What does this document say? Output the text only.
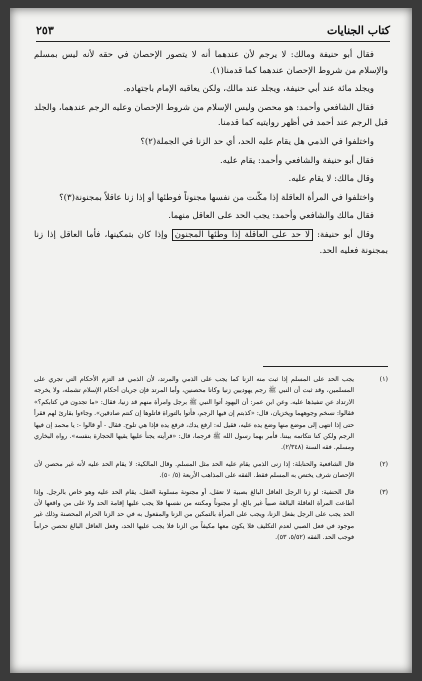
كتاب الجنايات
٢٥٣

فقال أبو حنيفة ومالك: لا يرجم لأن عندهما أنه لا يتصور الإحصان في حقه لأنه ليس بمسلم والإسلام من شروط الإحصان عندهما كما قدمنا(١).

ويجلد مائة عند أبي حنيفة، ويجلد عند مالك، ولكن يعاقبه الإمام باجتهاده.

فقال الشافعي وأحمد: هو محصن وليس الإسلام من شروط الإحصان وعليه الرجم عندهما، والجلد قبل الرجم عند أحمد في أظهر روايتيه كما قدمنا.

واختلفوا في الذمي هل يقام عليه الحد، أي حد الزنا في الجملة(٢)؟

فقال أبو حنيفة والشافعي وأحمد: يقام عليه.

وقال مالك: لا يقام عليه.

واختلفوا في المرأة العاقلة إذا مكّنت من نفسها مجنوناً فوطئها أو إذا زنا عاقلاً بمجنونة(٣)؟

فقال مالك والشافعي وأحمد: يجب الحد على العاقل منهما.

وقال أبو حنيفة: لا حد على العاقلة إذا وطئها المجنون وإذا كان بتمكينها، فأما العاقل إذا زنا بمجنونة فعليه الحد.

(١)
يجب الحد على المسلم إذا ثبت منه الزنا كما يجب على الذمي والمرتد، لأن الذمي قد التزم الأحكام التي تجري على المسلمين، وقد ثبت أن النبي ﷺ رجم يهوديين زنيا وكانا محصنين، وأما المرتد فإن جريان أحكام الإسلام تشمله، ولا يخرجه الارتداد عن تنفيذها عليه. وعن ابن عمر: أن اليهود أتوا النبي ﷺ برجل وامرأة منهم قد زنيا، فقال: «ما تجدون في كتابكم؟» فقالوا: نسخم وجوههما ويخزيان، قال: «كذبتم إن فيها الرجم، فأتوا بالتوراة فاتلوها إن كنتم صادقين». وجاءوا بقارئ لهم فقرأ حتى إذا انتهى إلى موضع منها وضع يده عليه، فقيل له: ارفع يدك، فرفع يده فإذا هي تلوح. فقال - أو قالوا -: يا محمد إن فيها الرجم ولكن كنا نتكاتمه بيننا. فأمر بهما رسول الله ﷺ فرجما، قال: «فرأيته يجنأ عليها يقيها الحجارة بنفسه». رواه البخاري ومسلم. فقه السنة (٢/٣٤٨).
(٢)
قال الشافعية والحنابلة: إذا زنى الذمي يقام عليه الحد مثل المسلم. وقال المالكية: لا يقام الحد عليه لأنه غير محصن لأن الإحصان شرف يختص به المسلم فقط. الفقه على المذاهب الأربعة (٥/ ٥٠).
(٣)
قال الحنفية: لو زنا الرجل العاقل البالغ بصبية لا تعقل، أو مجنونة مسلوبة العقل، يقام الحد عليه وهو خاص بالرجل. وإذا أطاعت المرأة العاقلة البالغة صبياً غير بالغ، أو مجنوناً ومكنته من نفسها فلا يجب عليها إقامة الحد ولا على من واقعها لأن الحد يجب على الرجل بفعل الزنا، ويجب على المرأة بالتمكين من الزنا والمفعول به في حد الزنا الحرام المحصنة وذلك غير موجود في فعل الصبي لعدم التكليف فلا يكون معها مكيفاً من الزنا فلا يجب عليها الحد، وفعل العاقل البالغ تحصن حراماً فوجب الحد. الفقه (٥/٥٢، ٥٣).
